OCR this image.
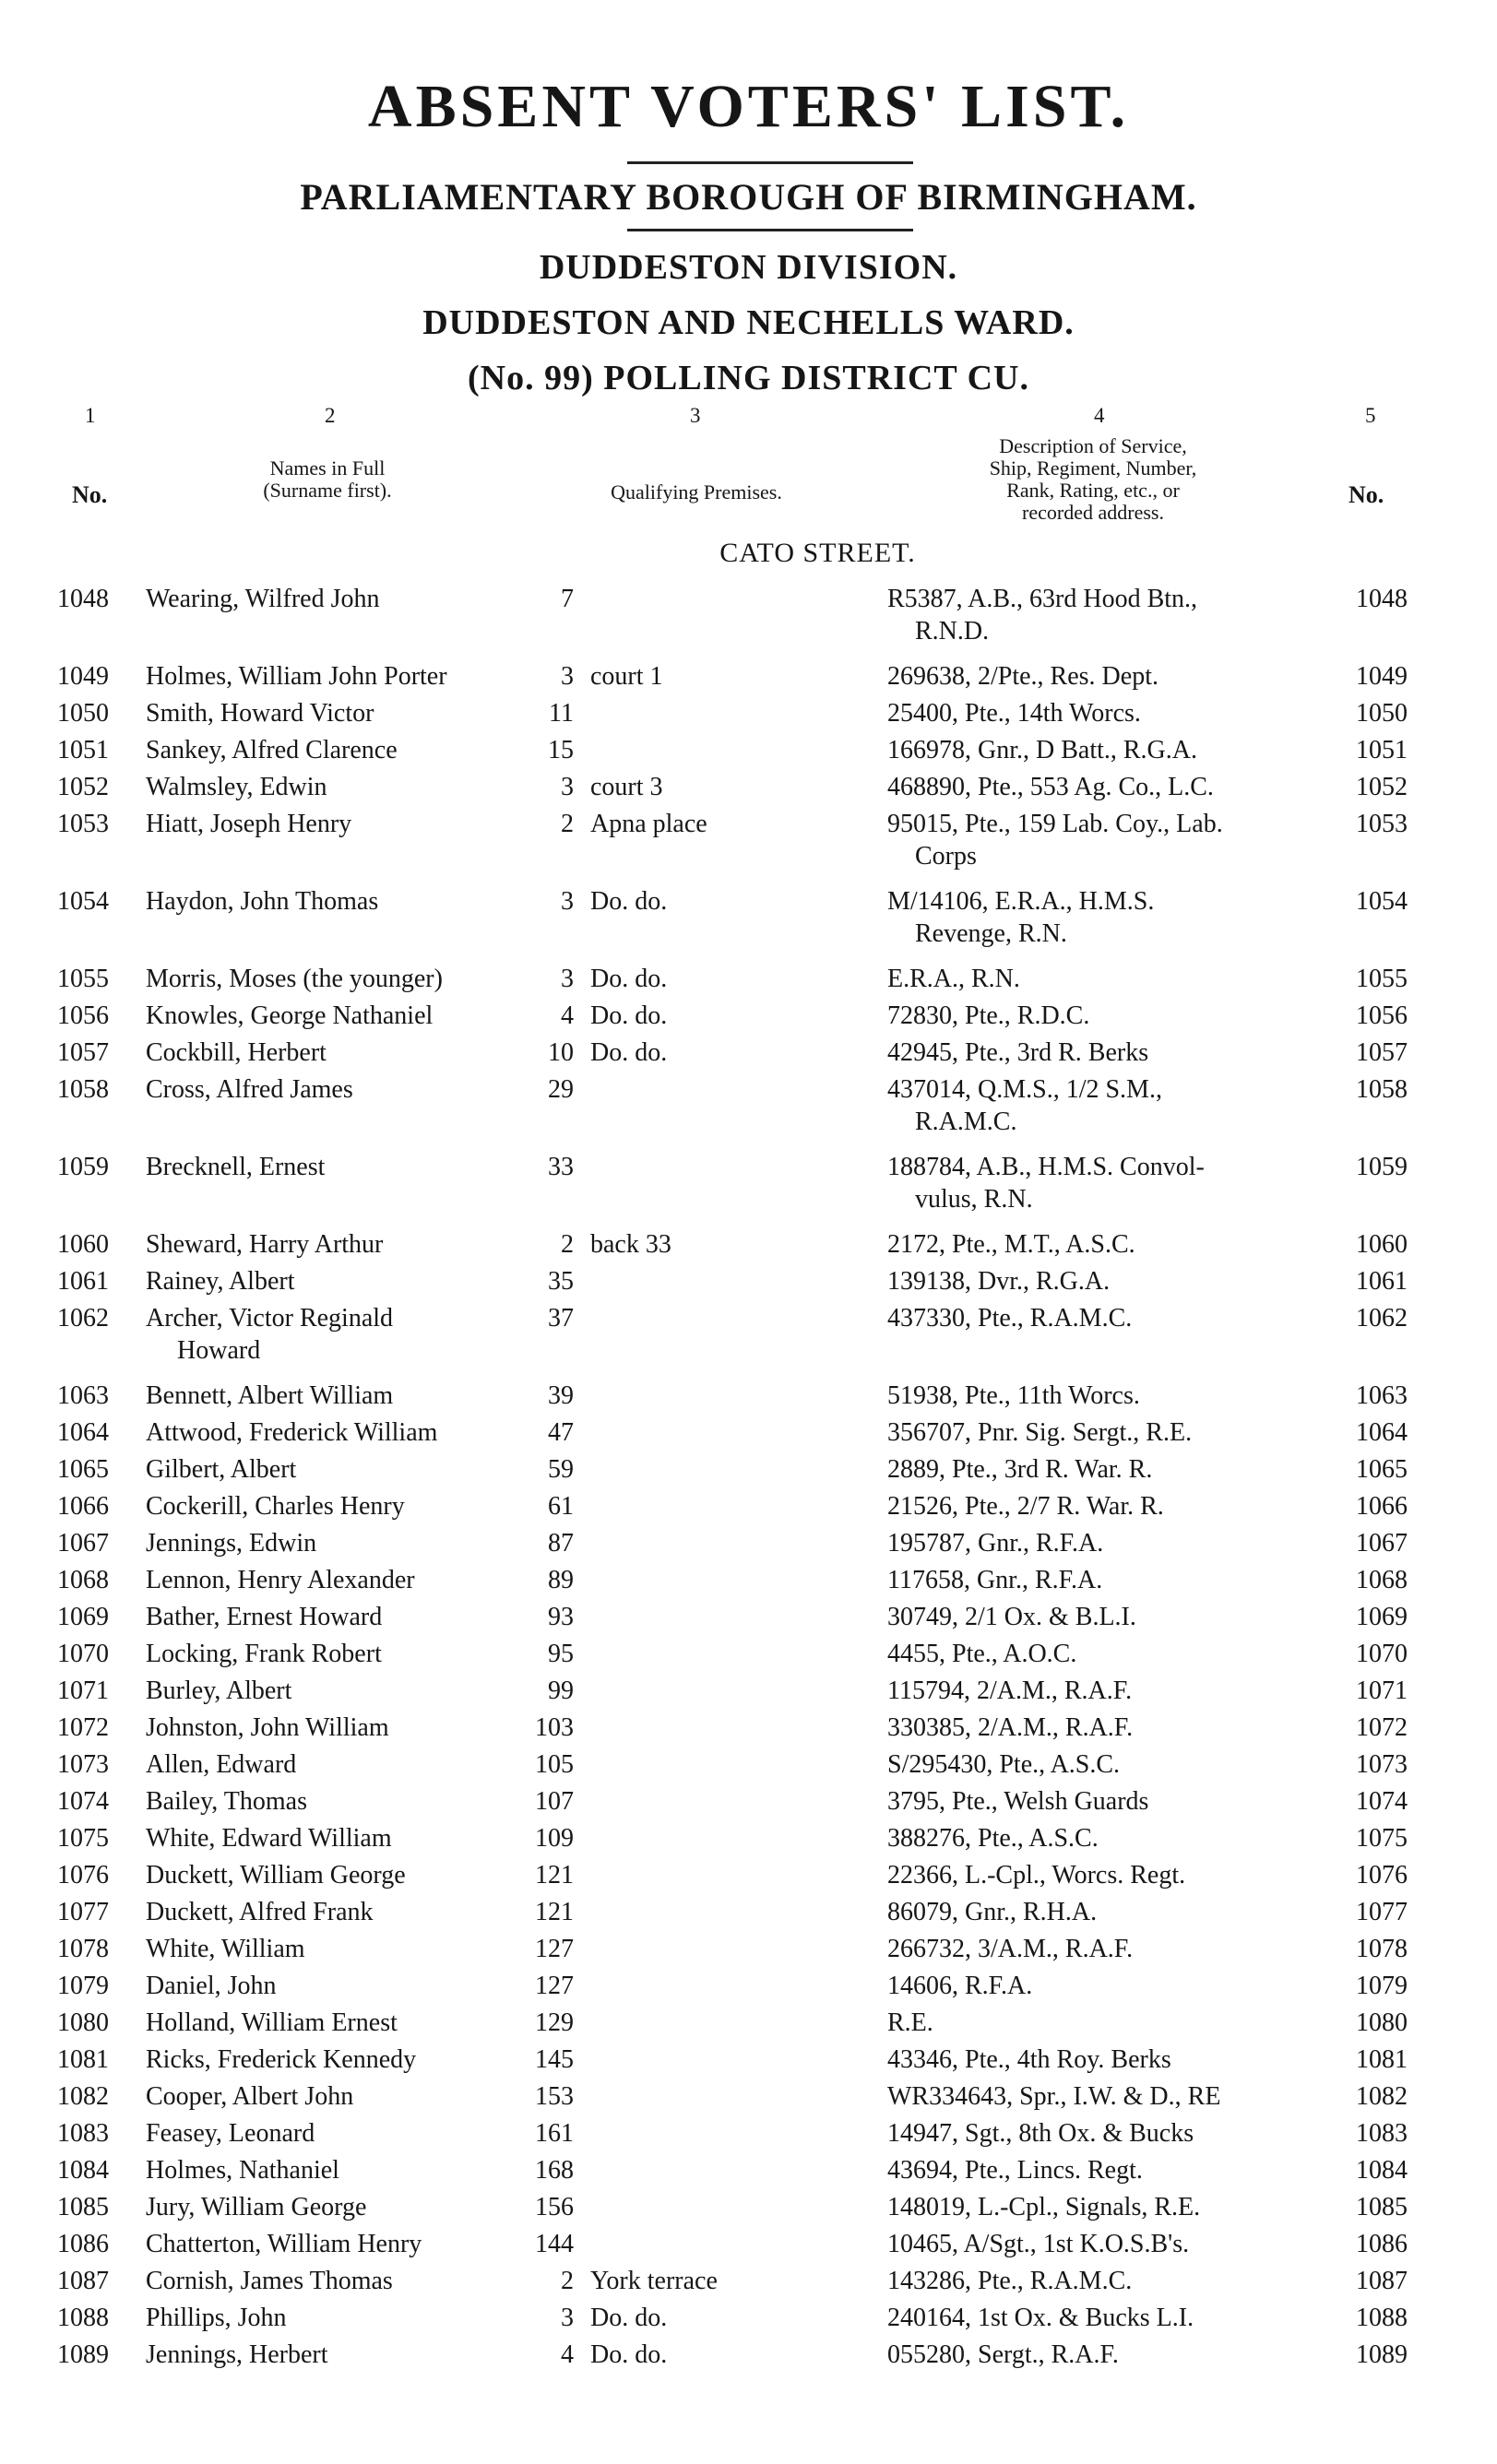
ABSENT VOTERS' LIST.
PARLIAMENTARY BOROUGH OF BIRMINGHAM.
DUDDESTON DIVISION.
DUDDESTON AND NECHELLS WARD.
(No. 99) POLLING DISTRICT CU.
1	2	3	4	5
No.
Names in Full
(Surname first).	Qualifying Premises.
Description of Service,
Ship, Regiment, Number,
Rank, Rating, etc., or
recorded address.
No.
CATO STREET.
1048 Wearing, Wilfred John	7	R5387, A.B., 63rd Hood Btn.,	1048
R.N.D.
1049 Holmes, William John Porter	3 court 1	269638, 2/Pte., Res. Dept.	1049
1050 Smith, Howard Victor	11	25400, Pte., 14th Worcs.	1050
1051 Sankey, Alfred Clarence	15	166978, Gnr., D Batt., R.G.A.	1051
1052 Walmsley, Edwin	3 court 3	468890, Pte., 553 Ag. Co., L.C.	1052
1053 Hiatt, Joseph Henry	2 Apna place	95015, Pte., 159 Lab. Coy., Lab.	1053
Corps
1054 Haydon, John Thomas	3 Do. do.	M/14106, E.R.A., H.M.S.	1054
Revenge, R.N.
1055 Morris, Moses (the younger)	3 Do. do.	E.R.A., R.N.	1055
1056 Knowles, George Nathaniel	4 Do. do.	72830, Pte., R.D.C.	1056
1057 Cockbill, Herbert	10 Do. do.	42945, Pte., 3rd R. Berks	1057
1058 Cross, Alfred James	29	437014, Q.M.S., 1/2 S.M.,	1058
R.A.M.C.
1059 Brecknell, Ernest	33	188784, A.B., H.M.S. Convol-	1059
vulus, R.N.
1060 Sheward, Harry Arthur	2 back 33	2172, Pte., M.T., A.S.C.	1060
1061 Rainey, Albert	35	139138, Dvr., R.G.A.	1061
1062 Archer, Victor Reginald	37	437330, Pte., R.A.M.C.	1062
Howard
1063 Bennett, Albert William	39	51938, Pte., 11th Worcs.	1063
1064 Attwood, Frederick William	47	356707, Pnr. Sig. Sergt., R.E.	1064
1065 Gilbert, Albert	59	2889, Pte., 3rd R. War. R.	1065
1066 Cockerill, Charles Henry	61	21526, Pte., 2/7 R. War. R.	1066
1067 Jennings, Edwin	87	195787, Gnr., R.F.A.	1067
1068 Lennon, Henry Alexander	89	117658, Gnr., R.F.A.	1068
1069 Bather, Ernest Howard	93	30749, 2/1 Ox. & B.L.I.	1069
1070 Locking, Frank Robert	95	4455, Pte., A.O.C.	1070
1071 Burley, Albert	99	115794, 2/A.M., R.A.F.	1071
1072 Johnston, John William	103	330385, 2/A.M., R.A.F.	1072
1073 Allen, Edward	105	S/295430, Pte., A.S.C.	1073
1074 Bailey, Thomas	107	3795, Pte., Welsh Guards	1074
1075 White, Edward William	109	388276, Pte., A.S.C.	1075
1076 Duckett, William George	121	22366, L.-Cpl., Worcs. Regt.	1076
1077 Duckett, Alfred Frank	121	86079, Gnr., R.H.A.	1077
1078 White, William	127	266732, 3/A.M., R.A.F.	1078
1079 Daniel, John	127	14606, R.F.A.	1079
1080 Holland, William Ernest	129	R.E.	1080
1081 Ricks, Frederick Kennedy	145	43346, Pte., 4th Roy. Berks	1081
1082 Cooper, Albert John	153	WR334643, Spr., I.W. & D., RE	1082
1083 Feasey, Leonard	161	14947, Sgt., 8th Ox. & Bucks	1083
1084 Holmes, Nathaniel	168	43694, Pte., Lincs. Regt.	1084
1085 Jury, William George	156	148019, L.-Cpl., Signals, R.E.	1085
1086 Chatterton, William Henry	144	10465, A/Sgt., 1st K.O.S.B's.	1086
1087 Cornish, James Thomas	2 York terrace	143286, Pte., R.A.M.C.	1087
1088 Phillips, John	3 Do. do.	240164, 1st Ox. & Bucks L.I.	1088
1089 Jennings, Herbert	4 Do. do.	055280, Sergt., R.A.F.	1089
